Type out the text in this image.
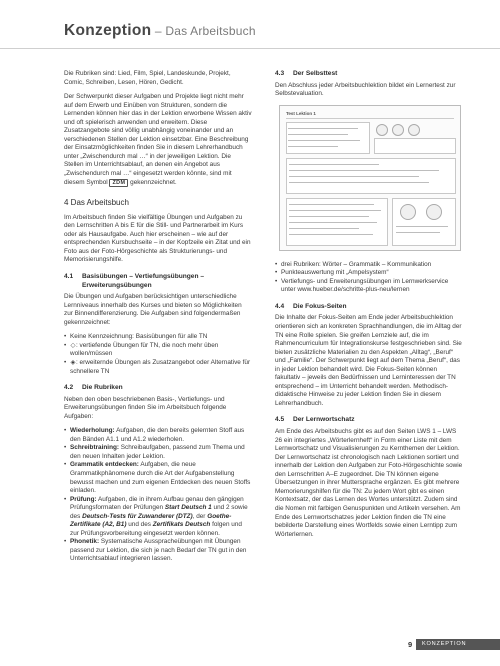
Konzeption – Das Arbeitsbuch

Die Rubriken sind: Lied, Film, Spiel, Landeskunde, Projekt, Comic, Schreiben, Lesen, Hören, Gedicht.

Der Schwerpunkt dieser Aufgaben und Projekte liegt nicht mehr auf dem Erwerb und Einüben von Strukturen, sondern die Lernenden können hier das in der Lektion erworbene Wissen aktiv und oft spielerisch anwenden und erweitern. Diese Zusatzangebote sind völlig unabhängig voneinander und an verschiedenen Stellen der Lektion einsetzbar. Eine Beschreibung der Einsatzmöglichkeiten finden Sie in diesem Lehrerhandbuch unter „Zwischendurch mal …“ in der jeweiligen Lektion. Die Stellen im Unterrichtsablauf, an denen ein Angebot aus „Zwischendurch mal …“ eingesetzt werden könnte, sind mit diesem Symbol ZDM gekennzeichnet.

4 Das Arbeitsbuch

Im Arbeitsbuch finden Sie vielfältige Übungen und Aufgaben zu den Lernschritten A bis E für die Still- und Partnerarbeit im Kurs oder als Hausaufgabe. Auch hier erscheinen – wie auf der entsprechenden Kursbuchseite – in der Kopfzeile ein Zitat und ein Foto aus der Foto-Hörgeschichte als Strukturierungs- und Memorisierungshilfe.

4.1 Basisübungen – Vertiefungsübungen –
Erweiterungsübungen

Die Übungen und Aufgaben berücksichtigen unterschiedliche Lernniveaus innerhalb des Kurses und bieten so Möglichkeiten zur Binnendifferenzierung. Die Aufgaben sind folgendermaßen gekennzeichnet:

• Keine Kennzeichnung: Basisübungen für alle TN
• ◇: vertiefende Übungen für TN, die noch mehr üben wollen/müssen
• ◈: erweiternde Übungen als Zusatzangebot oder Alternative für schnellere TN
4.2 Die Rubriken

Neben den oben beschriebenen Basis-, Vertiefungs- und Erweiterungsübungen finden Sie im Arbeitsbuch folgende Aufgaben:

• Wiederholung: Aufgaben, die den bereits gelernten Stoff aus den Bänden A1.1 und A1.2 wiederholen.
• Schreibtraining: Schreibaufgaben, passend zum Thema und den neuen Inhalten jeder Lektion.
• Grammatik entdecken: Aufgaben, die neue Grammatikphänomene durch die Art der Aufgabenstellung bewusst machen und zum eigenen Entdecken des neuen Stoffs einladen.
• Prüfung: Aufgaben, die in ihrem Aufbau genau den gängigen Prüfungsformaten der Prüfungen Start Deutsch 1 und 2 sowie des Deutsch-Tests für Zuwanderer (DTZ), der Goethe-Zertifikate (A2, B1) und des Zertifikats Deutsch folgen und zur Prüfungsvorbereitung eingesetzt werden können.
• Phonetik: Systematische Ausspracheübungen mit Übungen passend zur Lektion, die sich je nach Bedarf der TN gut in den Unterrichtsablauf integrieren lassen.
4.3 Der Selbsttest

Den Abschluss jeder Arbeitsbuchlektion bildet ein Lernertest zur Selbstevaluation.

Test Lektion 1
• drei Rubriken: Wörter – Grammatik – Kommunikation
• Punkteauswertung mit „Ampelsystem“
• Vertiefungs- und Erweiterungsübungen im Lernwerkservice unter www.hueber.de/schritte-plus-neu/lernen
4.4 Die Fokus-Seiten

Die Inhalte der Fokus-Seiten am Ende jeder Arbeitsbuchlektion orientieren sich an konkreten Sprachhandlungen, die im Alltag der TN eine Rolle spielen. Sie greifen Lernziele auf, die im Rahmencurriculum für Integrationskurse festgeschrieben sind. Sie bieten zusätzliche Materialien zu den Aspekten „Alltag“, „Beruf“ und „Familie“. Der Schwerpunkt liegt auf dem Thema „Beruf“, das in jeder Lektion behandelt wird. Die Fokus-Seiten können fakultativ – jeweils den Bedürfnissen und Lerninteressen der TN entsprechend – im Unterricht behandelt werden. Methodisch-didaktische Hinweise zu jeder Lektion finden Sie in diesem Lehrerhandbuch.

4.5 Der Lernwortschatz

Am Ende des Arbeitsbuchs gibt es auf den Seiten LWS 1 – LWS 26 ein integriertes „Wörterlernheft“ in Form einer Liste mit dem Lernwortschatz und Visualisierungen zu Kernthemen der Lektion. Der Lernwortschatz ist chronologisch nach Lektionen sortiert und innerhalb der Lektion den Aufgaben zur Foto-Hörgeschichte sowie den Lernschritten A–E zugeordnet. Die TN können eigene Übersetzungen in ihrer Muttersprache ergänzen. Es gibt mehrere Memorierungshilfen für die TN: Zu jedem Wort gibt es einen Kontextsatz, der das Lernen des Wortes unterstützt. Zudem sind die Nomen mit farbigen Genuspunkten und Artikeln versehen. Am Ende des Lernwortschatzes jeder Lektion finden die TN eine bebilderte Darstellung eines Wortfelds sowie einen Lerntipp zum Wörterlernen.

9	KONZEPTION
